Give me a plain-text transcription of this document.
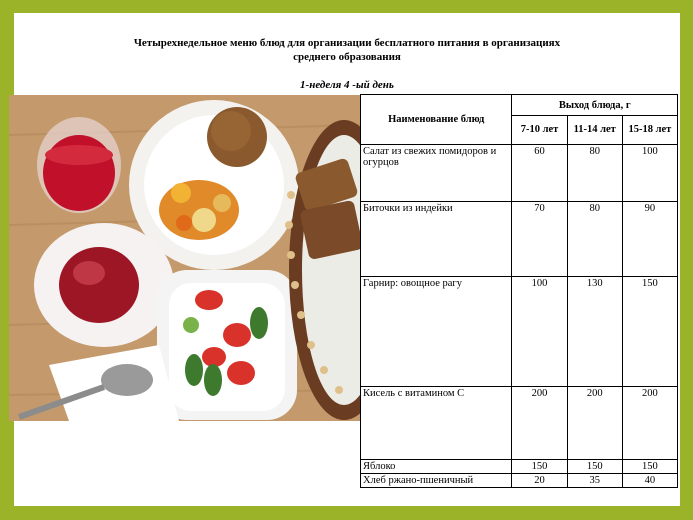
Четырехнедельное меню блюд для организации бесплатного питания в организациях
среднего образования
1-неделя 4 -ый день
Наименование блюд	Выход блюда, г		
	7-10 лет	11-14 лет	15-18 лет
Салат из свежих помидоров и огурцов	60	80	100
Биточки из индейки	70	80	90
Гарнир: овощное рагу	100	130	150
Кисель с витамином С	200	200	200
Яблоко	150	150	150
Хлеб ржано-пшеничный	20	35	40
